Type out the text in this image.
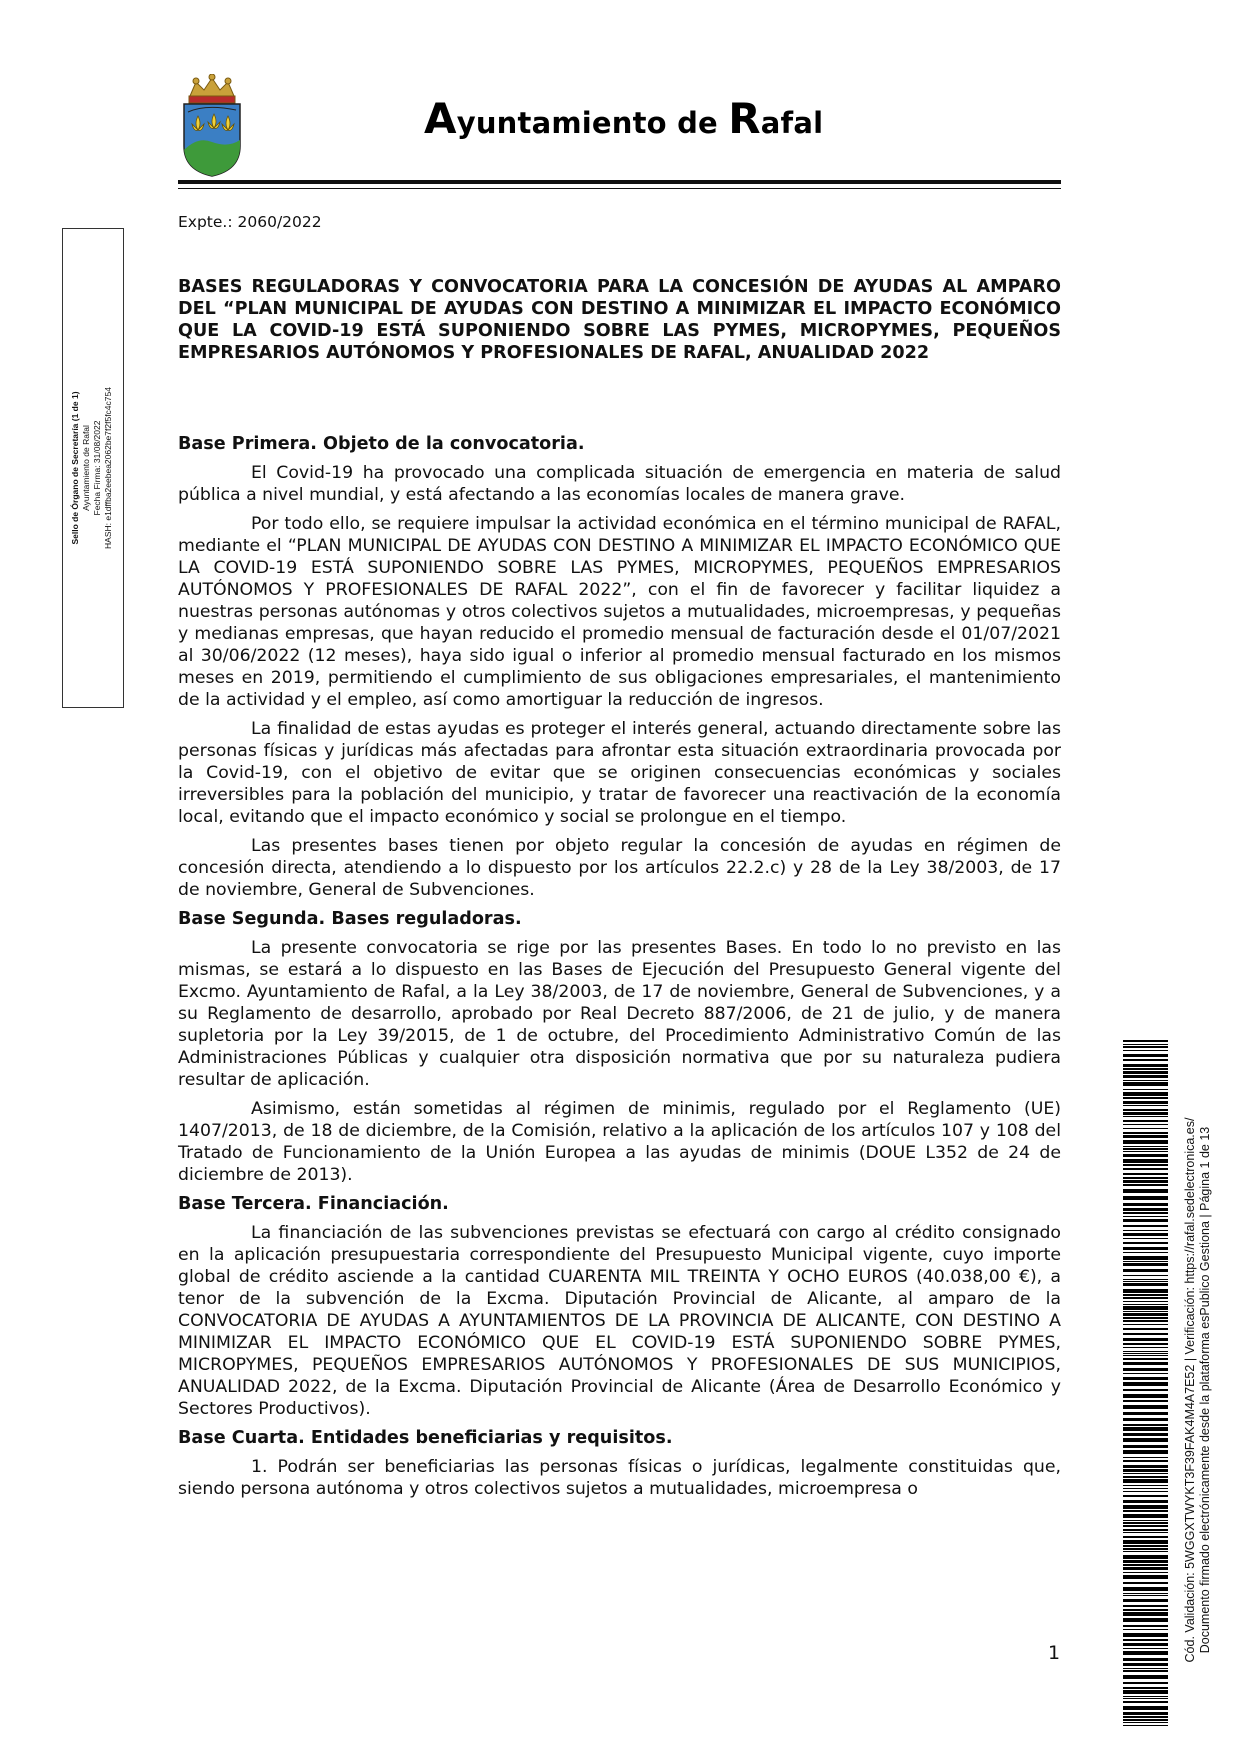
Ayuntamiento de Rafal
Expte.: 2060/2022
BASES REGULADORAS Y CONVOCATORIA PARA LA CONCESIÓN DE AYUDAS AL AMPARO DEL “PLAN MUNICIPAL DE AYUDAS CON DESTINO A MINIMIZAR EL IMPACTO ECONÓMICO QUE LA COVID-19 ESTÁ SUPONIENDO SOBRE LAS PYMES, MICROPYMES, PEQUEÑOS EMPRESARIOS AUTÓNOMOS Y PROFESIONALES DE RAFAL, ANUALIDAD 2022
Base Primera. Objeto de la convocatoria.

El Covid-19 ha provocado una complicada situación de emergencia en materia de salud pública a nivel mundial, y está afectando a las economías locales de manera grave.

Por todo ello, se requiere impulsar la actividad económica en el término municipal de RAFAL, mediante el “PLAN MUNICIPAL DE AYUDAS CON DESTINO A MINIMIZAR EL IMPACTO ECONÓMICO QUE LA COVID-19 ESTÁ SUPONIENDO SOBRE LAS PYMES, MICROPYMES, PEQUEÑOS EMPRESARIOS AUTÓNOMOS Y PROFESIONALES DE RAFAL 2022”, con el fin de favorecer y facilitar liquidez a nuestras personas autónomas y otros colectivos sujetos a mutualidades, microempresas, y pequeñas y medianas empresas, que hayan reducido el promedio mensual de facturación desde el 01/07/2021 al 30/06/2022 (12 meses), haya sido igual o inferior al promedio mensual facturado en los mismos meses en 2019, permitiendo el cumplimiento de sus obligaciones empresariales, el mantenimiento de la actividad y el empleo, así como amortiguar la reducción de ingresos.

La finalidad de estas ayudas es proteger el interés general, actuando directamente sobre las personas físicas y jurídicas más afectadas para afrontar esta situación extraordinaria provocada por la Covid-19, con el objetivo de evitar que se originen consecuencias económicas y sociales irreversibles para la población del municipio, y tratar de favorecer una reactivación de la economía local, evitando que el impacto económico y social se prolongue en el tiempo.

Las presentes bases tienen por objeto regular la concesión de ayudas en régimen de concesión directa, atendiendo a lo dispuesto por los artículos 22.2.c) y 28 de la Ley 38/2003, de 17 de noviembre, General de Subvenciones.

Base Segunda. Bases reguladoras.

La presente convocatoria se rige por las presentes Bases. En todo lo no previsto en las mismas, se estará a lo dispuesto en las Bases de Ejecución del Presupuesto General vigente del Excmo. Ayuntamiento de Rafal, a la Ley 38/2003, de 17 de noviembre, General de Subvenciones, y a su Reglamento de desarrollo, aprobado por Real Decreto 887/2006, de 21 de julio, y de manera supletoria por la Ley 39/2015, de 1 de octubre, del Procedimiento Administrativo Común de las Administraciones Públicas y cualquier otra disposición normativa que por su naturaleza pudiera resultar de aplicación.

Asimismo, están sometidas al régimen de minimis, regulado por el Reglamento (UE) 1407/2013, de 18 de diciembre, de la Comisión, relativo a la aplicación de los artículos 107 y 108 del Tratado de Funcionamiento de la Unión Europea a las ayudas de minimis (DOUE L352 de 24 de diciembre de 2013).

Base Tercera. Financiación.

La financiación de las subvenciones previstas se efectuará con cargo al crédito consignado en la aplicación presupuestaria correspondiente del Presupuesto Municipal vigente, cuyo importe global de crédito asciende a la cantidad CUARENTA MIL TREINTA Y OCHO EUROS (40.038,00 €), a tenor de la subvención de la Excma. Diputación Provincial de Alicante, al amparo de la CONVOCATORIA DE AYUDAS A AYUNTAMIENTOS DE LA PROVINCIA DE ALICANTE, CON DESTINO A MINIMIZAR EL IMPACTO ECONÓMICO QUE EL COVID-19 ESTÁ SUPONIENDO SOBRE PYMES, MICROPYMES, PEQUEÑOS EMPRESARIOS AUTÓNOMOS Y PROFESIONALES DE SUS MUNICIPIOS, ANUALIDAD 2022, de la Excma. Diputación Provincial de Alicante (Área de Desarrollo Económico y Sectores Productivos).

Base Cuarta. Entidades beneficiarias y requisitos.

1. Podrán ser beneficiarias las personas físicas o jurídicas, legalmente constituidas que, siendo persona autónoma y otros colectivos sujetos a mutualidades, microempresa o

1
Sello de Órgano de Secretaría (1 de 1) Ayuntamiento de Rafal Fecha Firma: 31/08/2022 HASH: e1dffba2eebea2062be7f2f5fc4c754
Cód. Validación: 5WGGXTWYKT3F39FAK4M4A7E52 | Verificación: https://rafal.sedelectronica.es/ Documento firmado electrónicamente desde la plataforma esPublico Gestiona | Página 1 de 13
